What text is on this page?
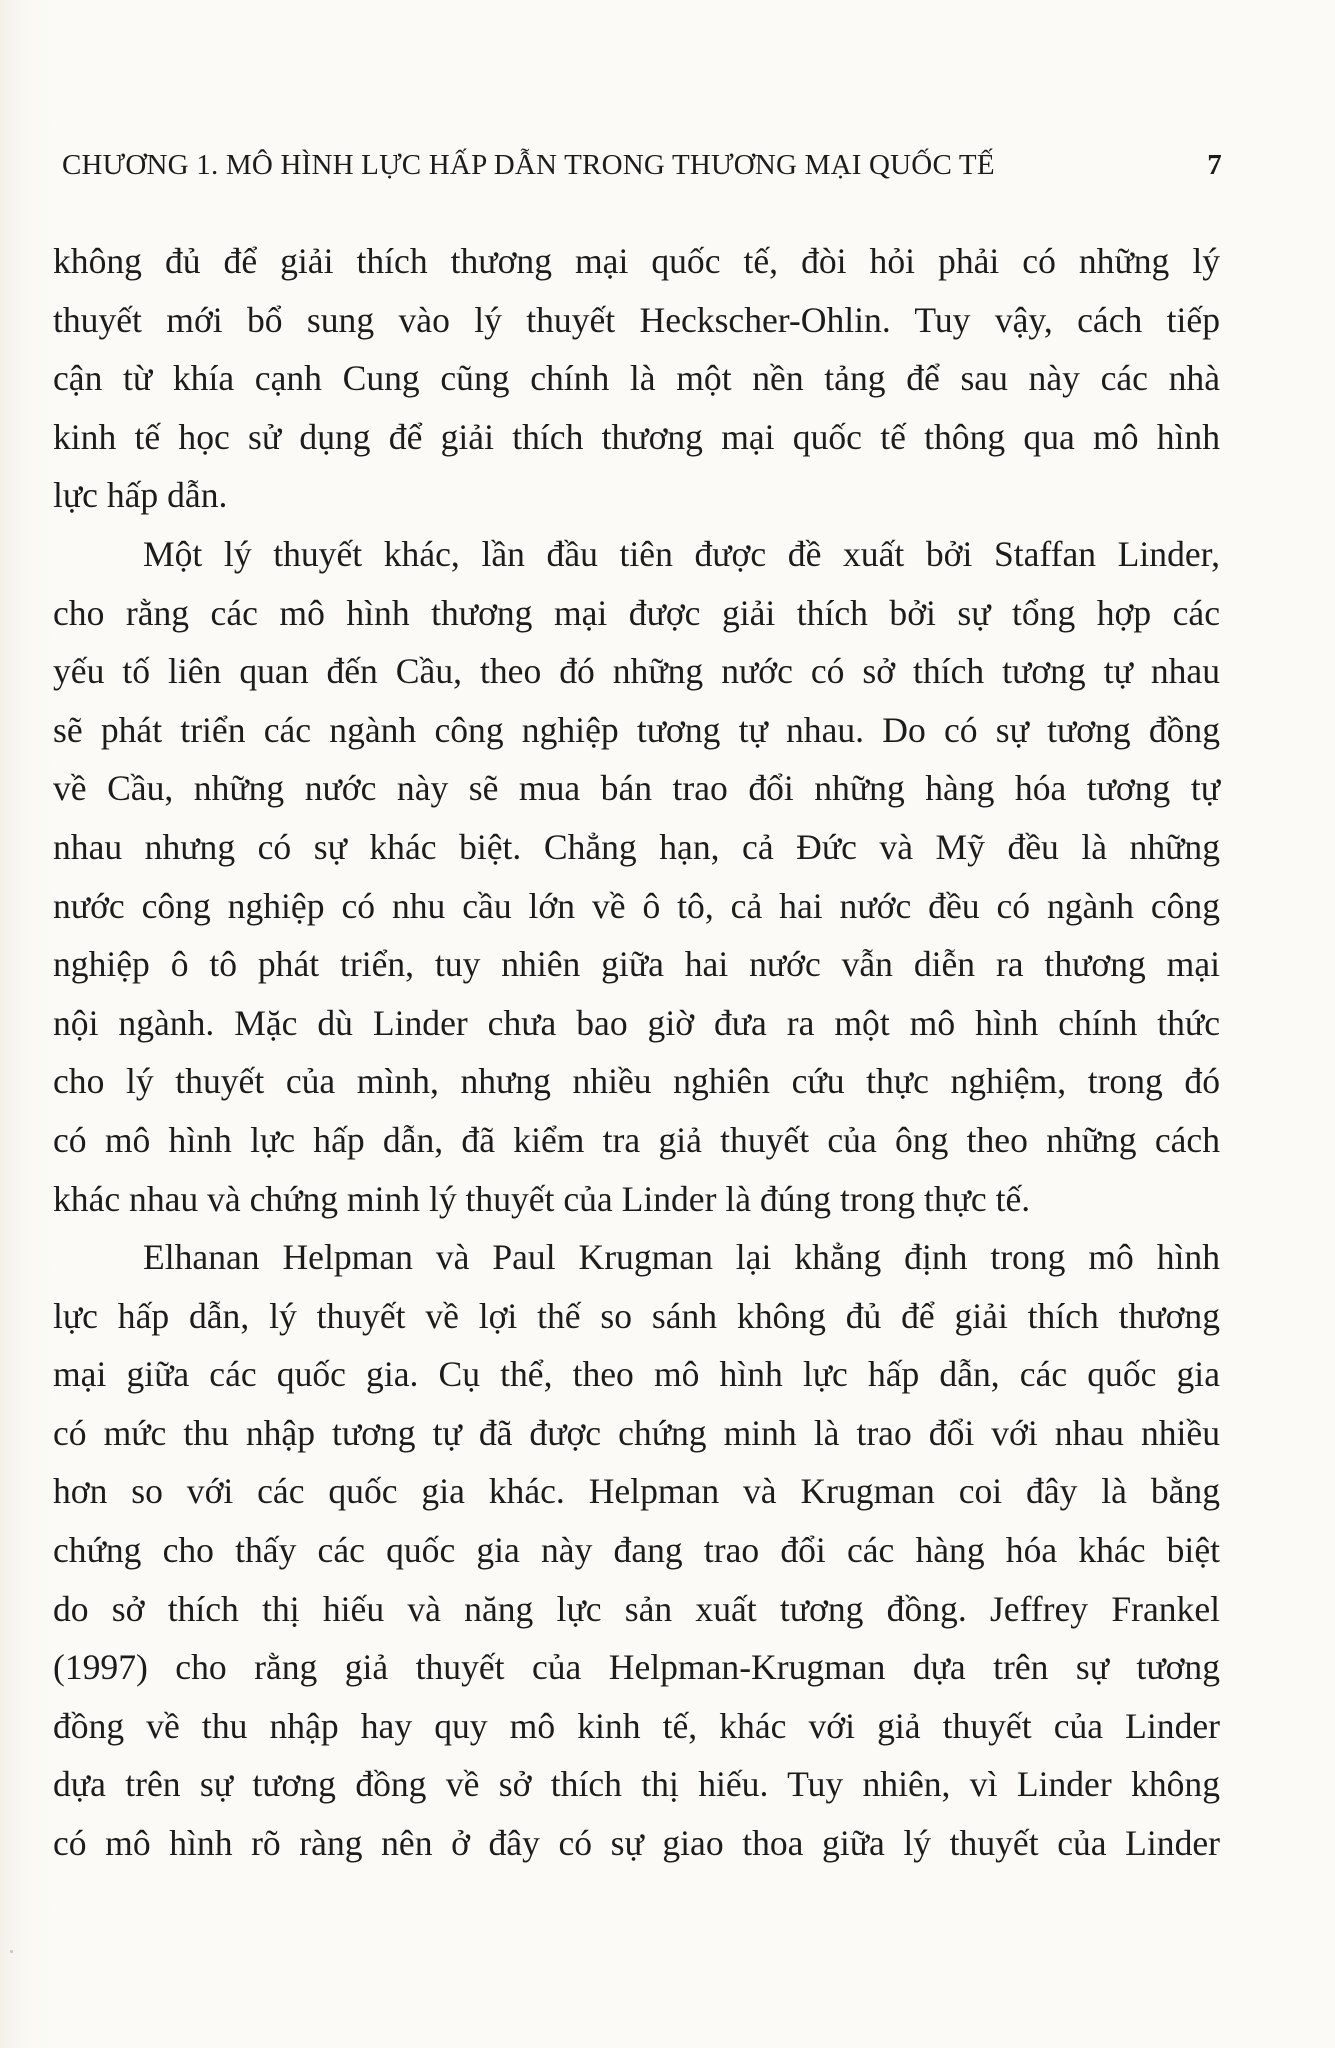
CHƯƠNG 1. MÔ HÌNH LỰC HẤP DẪN TRONG THƯƠNG MẠI QUỐC TẾ	7
không đủ để giải thích thương mại quốc tế, đòi hỏi phải có những lý
thuyết mới bổ sung vào lý thuyết Heckscher-Ohlin. Tuy vậy, cách tiếp
cận từ khía cạnh Cung cũng chính là một nền tảng để sau này các nhà
kinh tế học sử dụng để giải thích thương mại quốc tế thông qua mô hình
lực hấp dẫn.
Một lý thuyết khác, lần đầu tiên được đề xuất bởi Staffan Linder,
cho rằng các mô hình thương mại được giải thích bởi sự tổng hợp các
yếu tố liên quan đến Cầu, theo đó những nước có sở thích tương tự nhau
sẽ phát triển các ngành công nghiệp tương tự nhau. Do có sự tương đồng
về Cầu, những nước này sẽ mua bán trao đổi những hàng hóa tương tự
nhau nhưng có sự khác biệt. Chẳng hạn, cả Đức và Mỹ đều là những
nước công nghiệp có nhu cầu lớn về ô tô, cả hai nước đều có ngành công
nghiệp ô tô phát triển, tuy nhiên giữa hai nước vẫn diễn ra thương mại
nội ngành. Mặc dù Linder chưa bao giờ đưa ra một mô hình chính thức
cho lý thuyết của mình, nhưng nhiều nghiên cứu thực nghiệm, trong đó
có mô hình lực hấp dẫn, đã kiểm tra giả thuyết của ông theo những cách
khác nhau và chứng minh lý thuyết của Linder là đúng trong thực tế.
Elhanan Helpman và Paul Krugman lại khẳng định trong mô hình
lực hấp dẫn, lý thuyết về lợi thế so sánh không đủ để giải thích thương
mại giữa các quốc gia. Cụ thể, theo mô hình lực hấp dẫn, các quốc gia
có mức thu nhập tương tự đã được chứng minh là trao đổi với nhau nhiều
hơn so với các quốc gia khác. Helpman và Krugman coi đây là bằng
chứng cho thấy các quốc gia này đang trao đổi các hàng hóa khác biệt
do sở thích thị hiếu và năng lực sản xuất tương đồng. Jeffrey Frankel
(1997) cho rằng giả thuyết của Helpman-Krugman dựa trên sự tương
đồng về thu nhập hay quy mô kinh tế, khác với giả thuyết của Linder
dựa trên sự tương đồng về sở thích thị hiếu. Tuy nhiên, vì Linder không
có mô hình rõ ràng nên ở đây có sự giao thoa giữa lý thuyết của Linder
